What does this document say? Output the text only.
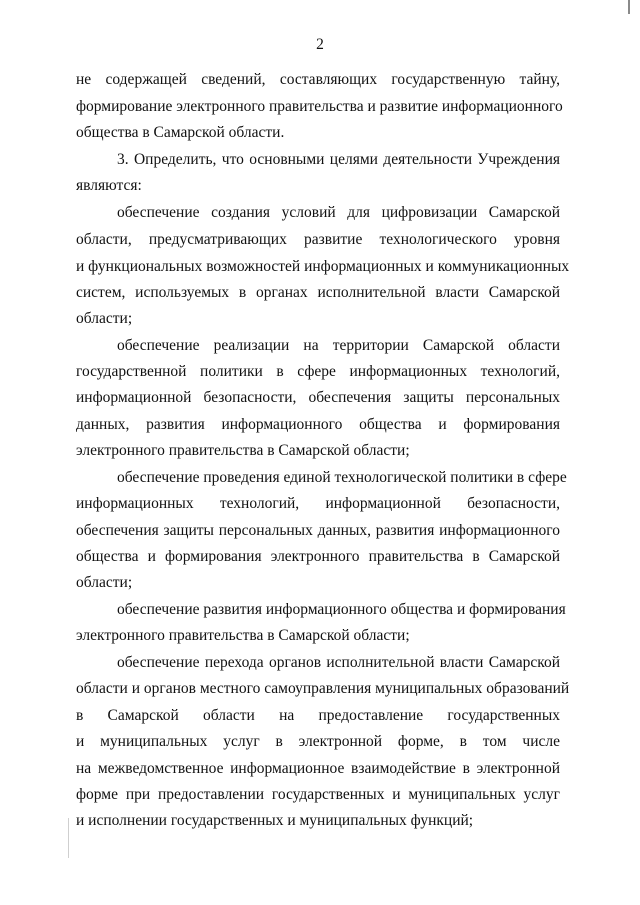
2
не содержащей сведений, составляющих государственную тайну,
формирование электронного правительства и развитие информационного
общества в Самарской области.
3. Определить, что основными целями деятельности Учреждения
являются:
обеспечение создания условий для цифровизации Самарской
области, предусматривающих развитие технологического уровня
и функциональных возможностей информационных и коммуникационных
систем, используемых в органах исполнительной власти Самарской
области;
обеспечение реализации на территории Самарской области
государственной политики в сфере информационных технологий,
информационной безопасности, обеспечения защиты персональных
данных, развития информационного общества и формирования
электронного правительства в Самарской области;
обеспечение проведения единой технологической политики в сфере
информационных технологий, информационной безопасности,
обеспечения защиты персональных данных, развития информационного
общества и формирования электронного правительства в Самарской
области;
обеспечение развития информационного общества и формирования
электронного правительства в Самарской области;
обеспечение перехода органов исполнительной власти Самарской
области и органов местного самоуправления муниципальных образований
в Самарской области на предоставление государственных
и муниципальных услуг в электронной форме, в том числе
на межведомственное информационное взаимодействие в электронной
форме при предоставлении государственных и муниципальных услуг
и исполнении государственных и муниципальных функций;
